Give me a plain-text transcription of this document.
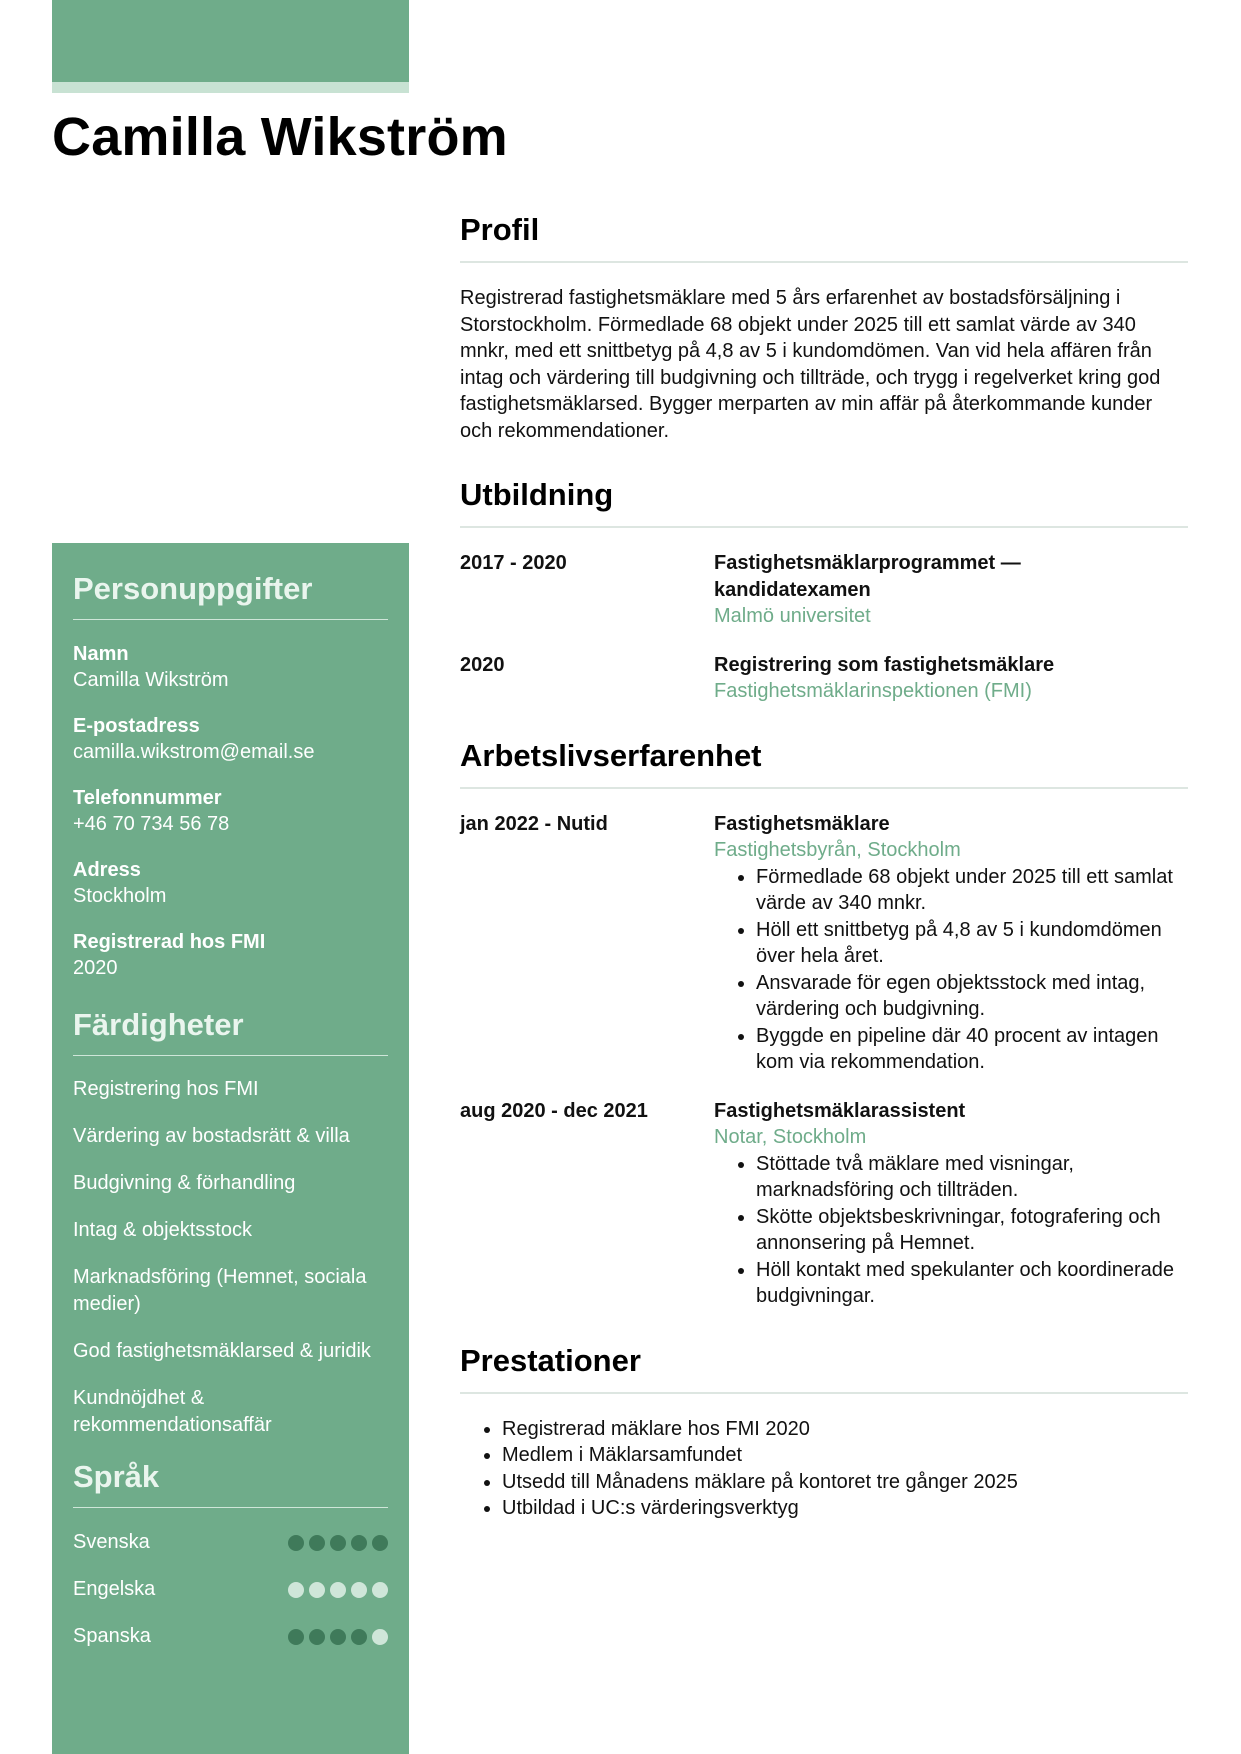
Camilla Wikström
Personuppgifter
Namn
Camilla Wikström
E-postadress
camilla.wikstrom@email.se
Telefonnummer
+46 70 734 56 78
Adress
Stockholm
Registrerad hos FMI
2020
Färdigheter
Registrering hos FMI
Värdering av bostadsrätt & villa
Budgivning & förhandling
Intag & objektsstock
Marknadsföring (Hemnet, sociala medier)
God fastighetsmäklarsed & juridik
Kundnöjdhet & rekommendationsaffär
Språk
Svenska
Engelska
Spanska
Profil

Registrerad fastighetsmäklare med 5 års erfarenhet av bostadsförsäljning i Storstockholm. Förmedlade 68 objekt under 2025 till ett samlat värde av 340 mnkr, med ett snittbetyg på 4,8 av 5 i kundomdömen. Van vid hela affären från intag och värdering till budgivning och tillträde, och trygg i regelverket kring god fastighetsmäklarsed. Bygger merparten av min affär på återkommande kunder och rekommendationer.

Utbildning
2017 - 2020	Fastighetsmäklarprogrammet — kandidatexamen
Malmö universitet
2020	Registrering som fastighetsmäklare
Fastighetsmäklarinspektionen (FMI)
Arbetslivserfarenhet
jan 2022 - Nutid	Fastighetsmäklare
Fastighetsbyrån, Stockholm
• Förmedlade 68 objekt under 2025 till ett samlat värde av 340 mnkr.
• Höll ett snittbetyg på 4,8 av 5 i kundomdömen över hela året.
• Ansvarade för egen objektsstock med intag, värdering och budgivning.
• Byggde en pipeline där 40 procent av intagen kom via rekommendation.
aug 2020 - dec 2021	Fastighetsmäklarassistent
Notar, Stockholm
• Stöttade två mäklare med visningar, marknadsföring och tillträden.
• Skötte objektsbeskrivningar, fotografering och annonsering på Hemnet.
• Höll kontakt med spekulanter och koordinerade budgivningar.
Prestationer
• Registrerad mäklare hos FMI 2020
• Medlem i Mäklarsamfundet
• Utsedd till Månadens mäklare på kontoret tre gånger 2025
• Utbildad i UC:s värderingsverktyg
